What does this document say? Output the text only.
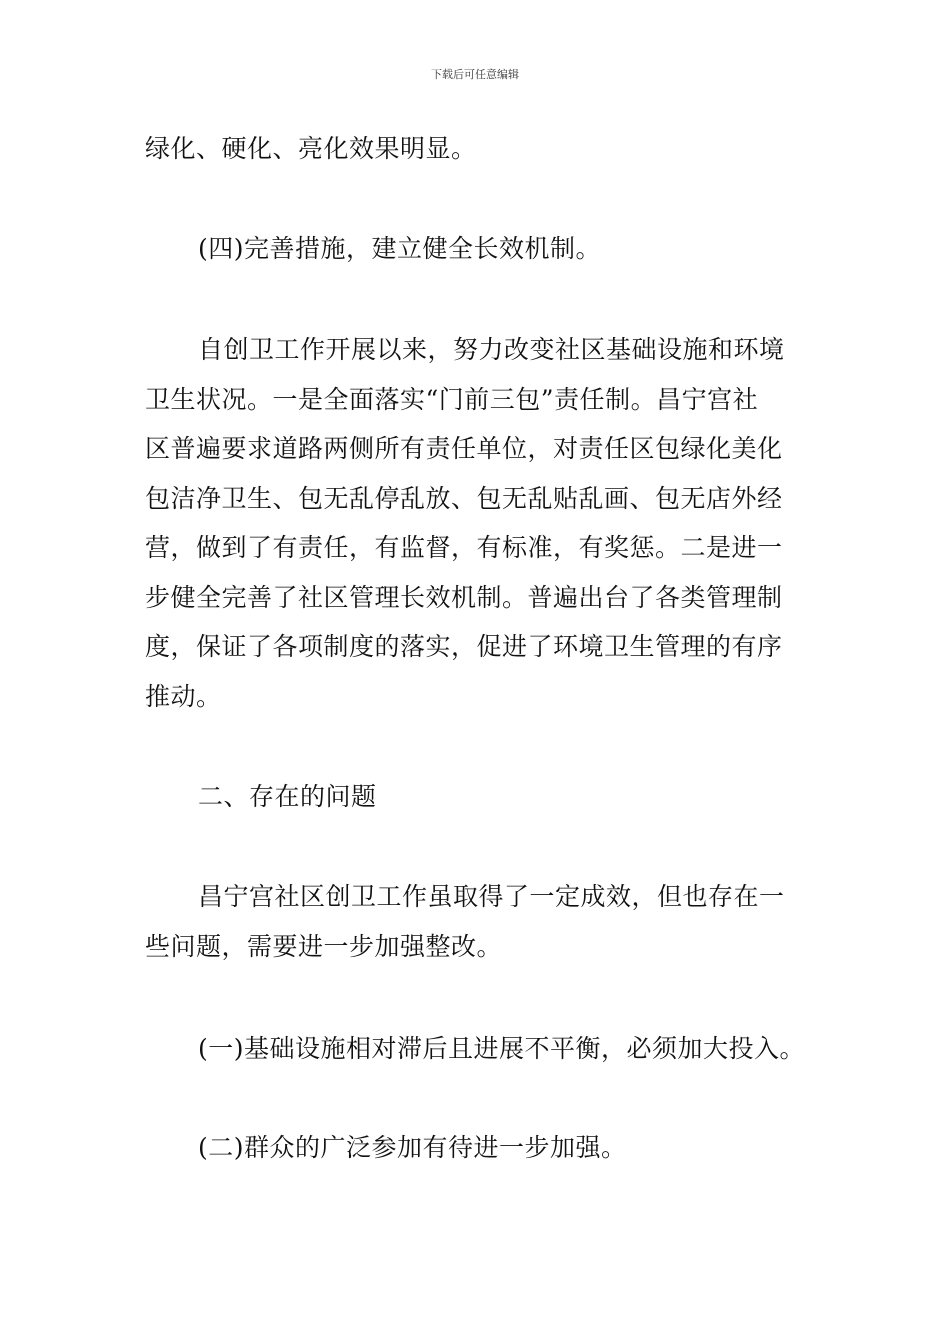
下载后可任意编辑

绿化、硬化、亮化效果明显。

(四)完善措施，建立健全长效机制。

自创卫工作开展以来，努力改变社区基础设施和环境
卫生状况。一是全面落实“门前三包”责任制。昌宁宫社
区普遍要求道路两侧所有责任单位，对责任区包绿化美化
包洁净卫生、包无乱停乱放、包无乱贴乱画、包无店外经
营，做到了有责任，有监督，有标准，有奖惩。二是进一
步健全完善了社区管理长效机制。普遍出台了各类管理制
度，保证了各项制度的落实，促进了环境卫生管理的有序
推动。

二、存在的问题

昌宁宫社区创卫工作虽取得了一定成效，但也存在一
些问题，需要进一步加强整改。

(一)基础设施相对滞后且进展不平衡，必须加大投入。

(二)群众的广泛参加有待进一步加强。
